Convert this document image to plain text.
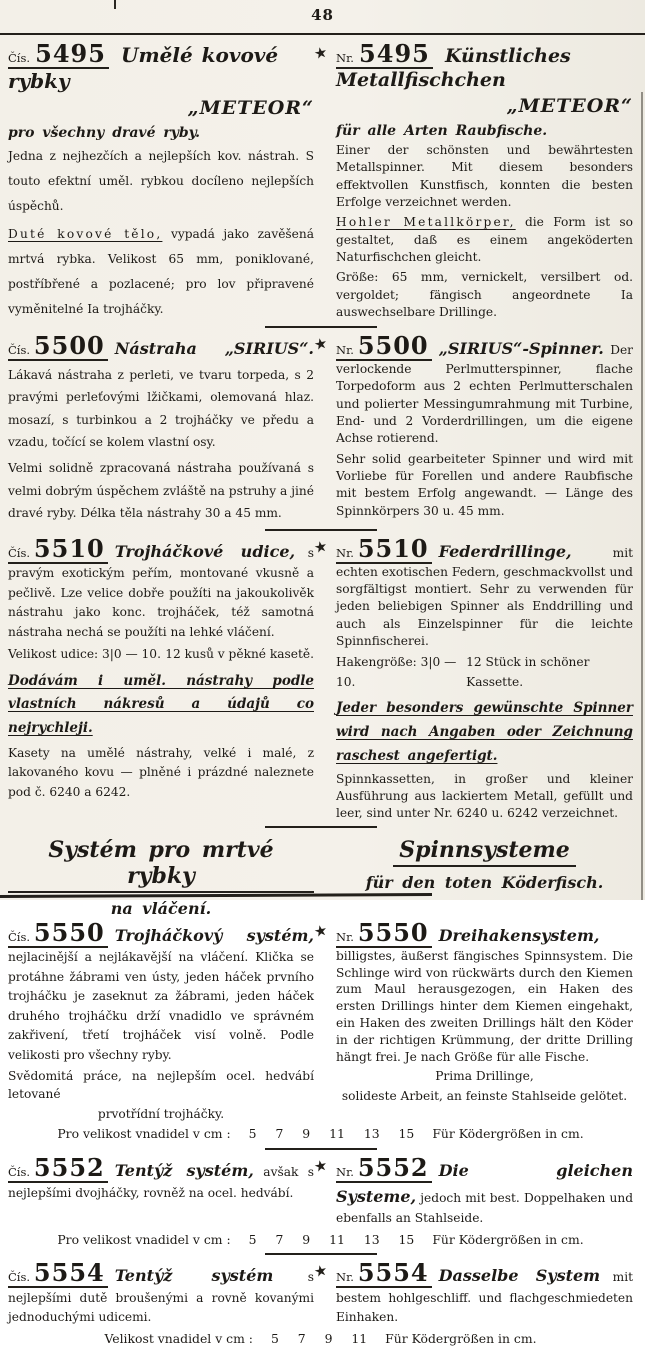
48
Čís. 5495 Umělé kovové rybky
„METEOR“
pro všechny dravé ryby.

Jedna z nejhezčích a nejlepších kov. nástrah. S touto efektní uměl. rybkou docíleno nejlepších úspěchů.

Duté kovové tělo, vypadá jako zavěšená mrtvá rybka. Velikost 65 mm, poniklované, postříbřené a pozlacené; pro lov připravené vyměnitelné Ia trojháčky.

★ Nr. 5495 Künstliches Metallfischchen
„METEOR“
für alle Arten Raubfische.

Einer der schönsten und bewährtesten Metallspinner. Mit diesem besonders effektvollen Kunstfisch, konnten die besten Erfolge verzeichnet werden.

Hohler Metallkörper, die Form ist so gestaltet, daß es einem angeköderten Naturfischchen gleicht.

Größe: 65 mm, vernickelt, versilbert od. vergoldet; fängisch angeordnete Ia auswechselbare Drillinge.

Čís. 5500 Nástraha „SIRIUS“. Lákavá nástraha z perleti, ve tvaru torpeda, s 2 pravými perleťovými lžičkami, olemovaná hlaz. mosazí, s turbinkou a 2 trojháčky ve předu a vzadu, točící se kolem vlastní osy.

Velmi solidně zpracovaná nástraha používaná s velmi dobrým úspěchem zvláště na pstruhy a jiné dravé ryby. Délka těla nástrahy 30 a 45 mm.

★ Nr. 5500 „SIRIUS“-Spinner. Der verlockende Perlmutterspinner, flache Torpedoform aus 2 echten Perlmutterschalen und polierter Messingumrahmung mit Turbine, End- und 2 Vorderdrillingen, um die eigene Achse rotierend.

Sehr solid gearbeiteter Spinner und wird mit Vorliebe für Forellen und andere Raubfische mit bestem Erfolg angewandt. — Länge des Spinnkörpers 30 u. 45 mm.

Čís. 5510 Trojháčkové udice, s pravým exotickým peřím, montované vkusně a pečlivě. Lze velice dobře použíti na jakoukolivěk nástrahu jako konc. trojháček, též samotná nástraha nechá se použíti na lehké vláčení.

Velikost udice: 3|0 — 10. 12 kusů v pěkné kasetě.

Dodávám i uměl. nástrahy podle vlastních nákresů a údajů co nejrychleji.

Kasety na umělé nástrahy, velké i malé, z lakovaného kovu — plněné i prázdné naleznete pod č. 6240 a 6242.

★ Nr. 5510 Federdrillinge,	mit echten exotischen Federn, geschmackvollst und sorgfältigst montiert. Sehr zu verwenden für jeden beliebigen Spinner als Enddrilling und auch als Einzelspinner für die leichte Spinnfischerei.

Hakengröße: 3|0 — 10.
12 Stück in schöner Kassette.

Jeder besonders gewünschte Spinner wird nach Angaben oder Zeichnung raschest angefertigt.

Spinnkassetten, in großer und kleiner Ausführung aus lackiertem Metall, gefüllt und leer, sind unter Nr. 6240 u. 6242 verzeichnet.

Systém pro mrtvé rybky
na vláčení.
Spinnsysteme
für den toten Köderfisch.

Čís. 5550 Trojháčkový systém, nejlacinější a nejlákavější na vláčení. Klička se protáhne žábrami ven ústy, jeden háček prvního trojháčku je zaseknut za žábrami, jeden háček druhého trojháčku drží vnadidlo ve správném zakřivení, třetí trojháček visí volně. Podle velikosti pro všechny ryby.

Svědomitá práce, na nejlepším ocel. hedvábí letované

prvotřídní trojháčky.

★ Nr. 5550 Dreihakensystem, billigstes, äußerst fängisches Spinnsystem. Die Schlinge wird von rückwärts durch den Kiemen zum Maul herausgezogen, ein Haken des ersten Drillings hinter dem Kiemen eingehakt, ein Haken des zweiten Drillings hält den Köder in der richtigen Krümmung, der dritte Drilling hängt frei. Je nach Größe für alle Fische.

Prima Drillinge,

solideste Arbeit, an feinste Stahlseide gelötet.

Pro velikost vnadidel v cm : 5 7 9 11 13 15 Für Ködergrößen in cm.

Čís. 5552 Tentýž systém, avšak s nejlepšími dvojháčky, rovněž na ocel. hedvábí.

★ Nr. 5552 Die gleichen Systeme, jedoch mit best. Doppelhaken und ebenfalls an Stahlseide.

Pro velikost vnadidel v cm : 5 7 9 11 13 15 Für Ködergrößen in cm.

Čís. 5554 Tentýž systém	s nejlepšími dutě broušenými a rovně kovanými jednoduchými udicemi.

★ Nr. 5554 Dasselbe System mit bestem hohlgeschliff. und flachgeschmiedeten Einhaken.

Velikost vnadidel v cm : 5 7 9 11 Für Ködergrößen in cm.
